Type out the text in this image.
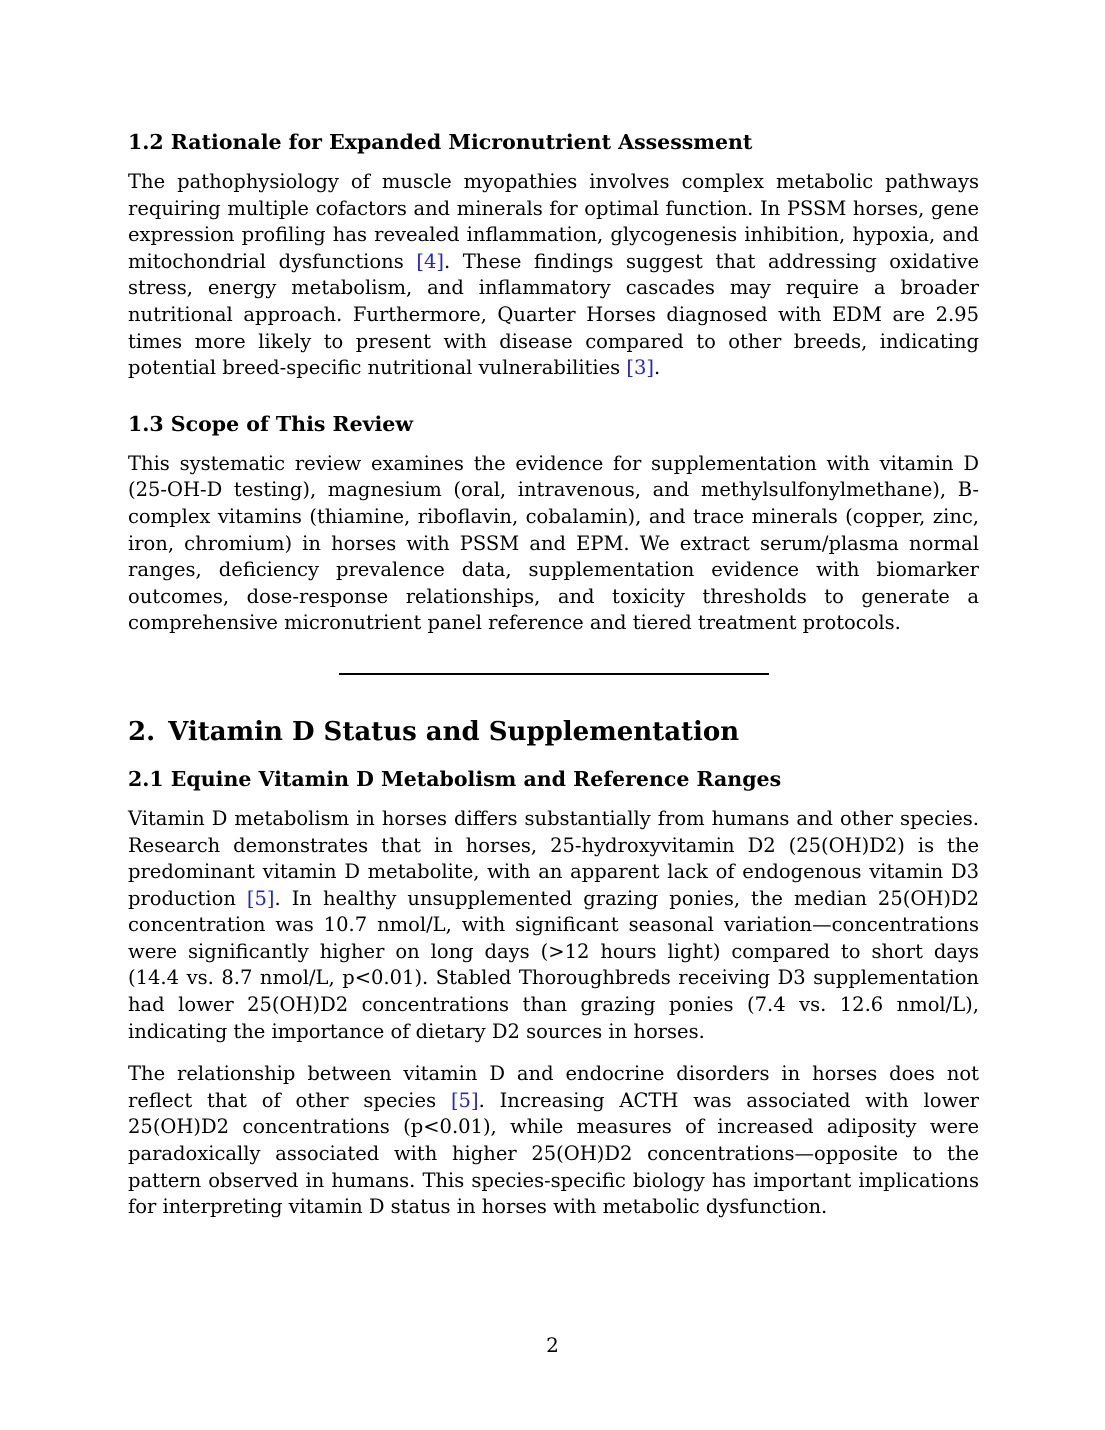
1.2 Rationale for Expanded Micronutrient Assessment

The pathophysiology of muscle myopathies involves complex metabolic pathways requiring multiple cofactors and minerals for optimal function. In PSSM horses, gene expression profiling has revealed inflammation, glycogenesis inhibition, hypoxia, and mitochondrial dysfunctions [4]. These findings suggest that addressing oxidative stress, energy metabolism, and inflammatory cascades may require a broader nutritional approach. Furthermore, Quarter Horses diagnosed with EDM are 2.95 times more likely to present with disease compared to other breeds, indicating potential breed-specific nutritional vulnerabilities [3].

1.3 Scope of This Review

This systematic review examines the evidence for supplementation with vitamin D (25-OH-D testing), magnesium (oral, intravenous, and methylsulfonylmethane), B-complex vitamins (thiamine, riboflavin, cobalamin), and trace minerals (copper, zinc, iron, chromium) in horses with PSSM and EPM. We extract serum/plasma normal ranges, deficiency prevalence data, supplementation evidence with biomarker outcomes, dose-response relationships, and toxicity thresholds to generate a comprehensive micronutrient panel reference and tiered treatment protocols.

2. Vitamin D Status and Supplementation
2.1 Equine Vitamin D Metabolism and Reference Ranges

Vitamin D metabolism in horses differs substantially from humans and other species. Research demonstrates that in horses, 25-hydroxyvitamin D2 (25(OH)D2) is the predominant vitamin D metabolite, with an apparent lack of endogenous vitamin D3 production [5]. In healthy unsupplemented grazing ponies, the median 25(OH)D2 concentration was 10.7 nmol/L, with significant seasonal variation—concentrations were significantly higher on long days (>12 hours light) compared to short days (14.4 vs. 8.7 nmol/L, p<0.01). Stabled Thoroughbreds receiving D3 supplementation had lower 25(OH)D2 concentrations than grazing ponies (7.4 vs. 12.6 nmol/L), indicating the importance of dietary D2 sources in horses.

The relationship between vitamin D and endocrine disorders in horses does not reflect that of other species [5]. Increasing ACTH was associated with lower 25(OH)D2 concentrations (p<0.01), while measures of increased adiposity were paradoxically associated with higher 25(OH)D2 concentrations—opposite to the pattern observed in humans. This species-specific biology has important implications for interpreting vitamin D status in horses with metabolic dysfunction.

2
